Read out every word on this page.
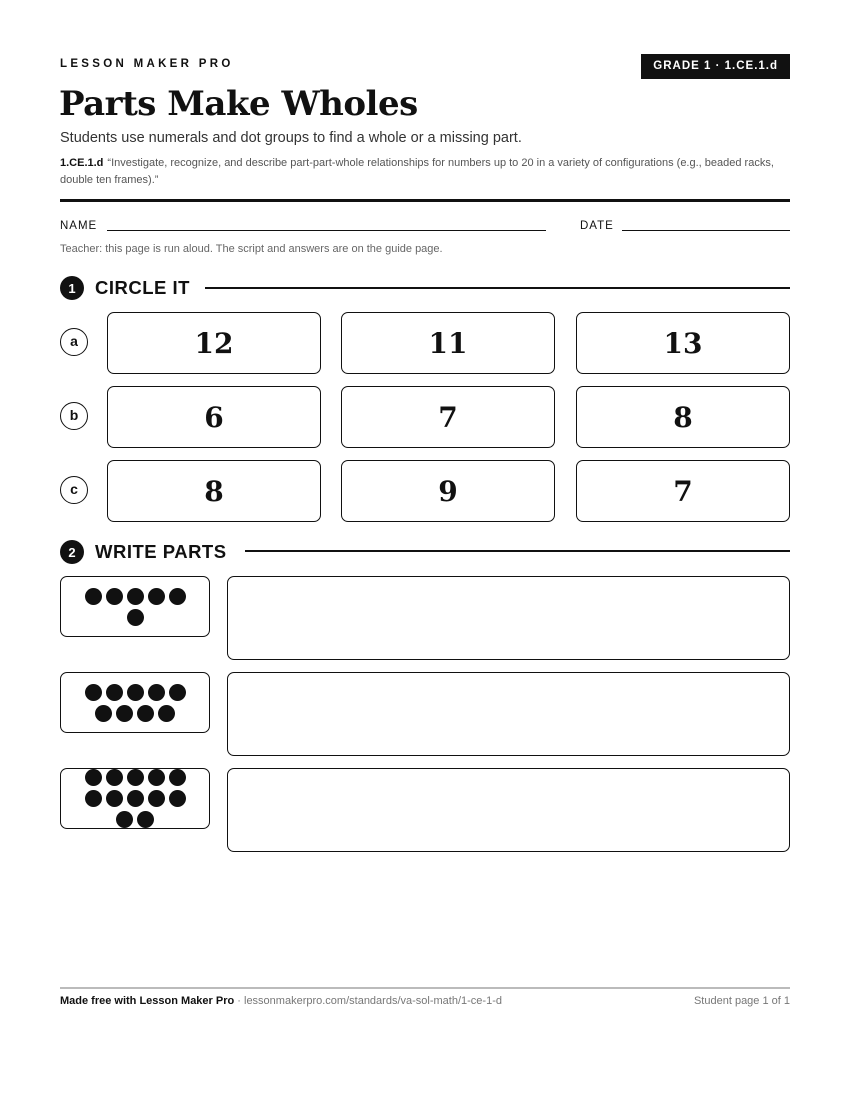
LESSON MAKER PRO	GRADE 1 · 1.CE.1.d
Parts Make Wholes
Students use numerals and dot groups to find a whole or a missing part.
1.CE.1.d “Investigate, recognize, and describe part-part-whole relationships for numbers up to 20 in a variety of configurations (e.g., beaded racks, double ten frames).”
NAME	DATE
Teacher: this page is run aloud. The script and answers are on the guide page.
1	CIRCLE IT
a	12	11	13
b	6	7	8
c	8	9	7
2	WRITE PARTS
Made free with Lesson Maker Pro · lessonmakerpro.com/standards/va-sol-math/1-ce-1-d	Student page 1 of 1
